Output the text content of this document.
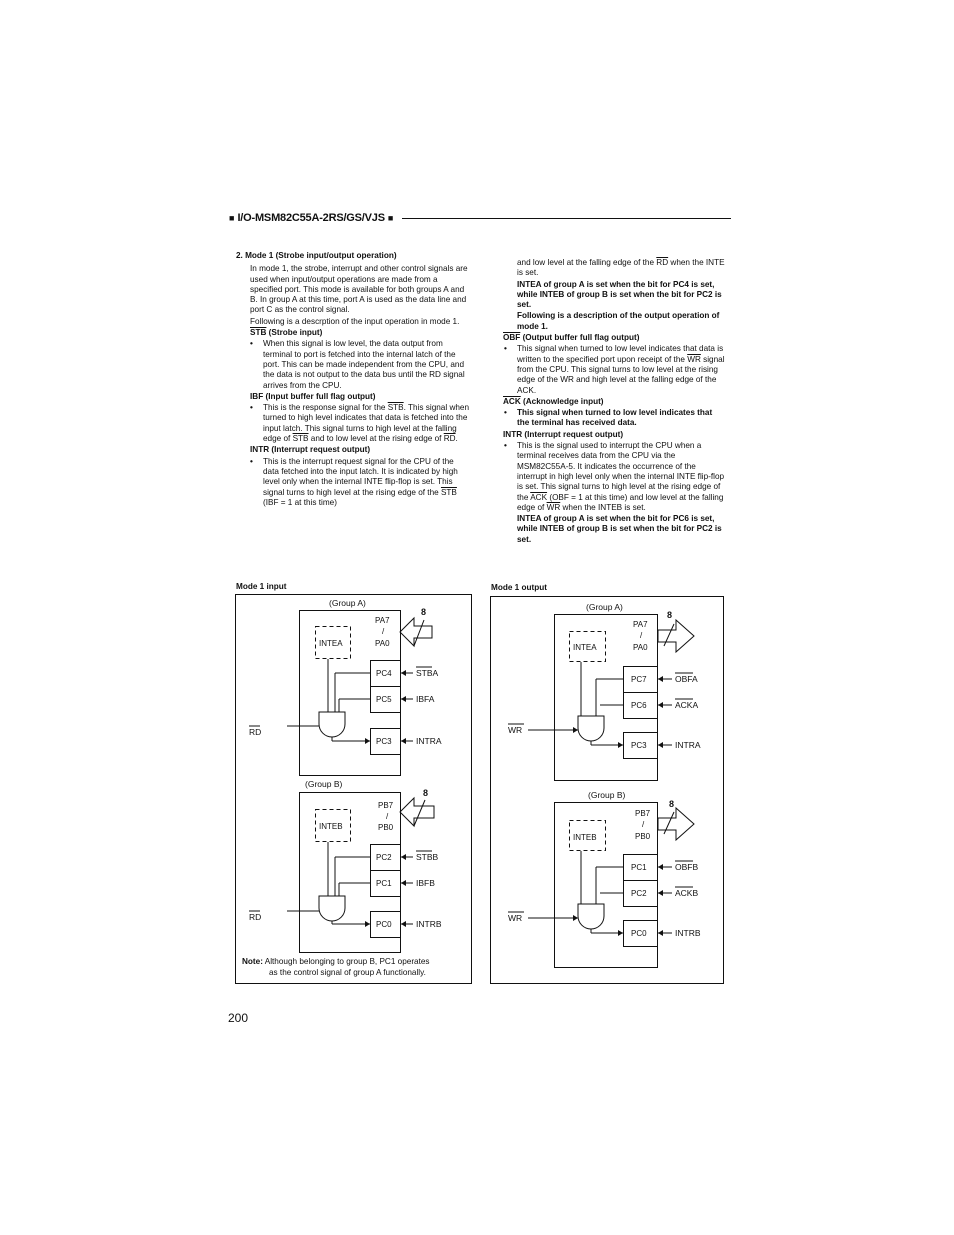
■ I/O-MSM82C55A-2RS/GS/VJS ■

2. Mode 1 (Strobe input/output operation)

In mode 1, the strobe, interrupt and other control signals are used when input/output operations are made from a specified port. This mode is available for both groups A and B. In group A at this time, port A is used as the data line and port C as the control signal.

Following is a descrption of the input operation in mode 1.

$\overline{STB}$ (Strobe input)

• When this signal is low level, the data output from terminal to port is fetched into the internal latch of the port. This can be made independent from the CPU, and the data is not output to the data bus until the RD signal arrives from the CPU.

IBF (Input buffer full flag output)

• This is the response signal for the $\overline{STB}$. This signal when turned to high level indicates that data is fetched into the input latch. This signal turns to high level at the falling edge of $\overline{STB}$ and to low level at the rising edge of $\overline{RD}$.

INTR (Interrupt request output)

• This is the interrupt request signal for the CPU of the data fetched into the input latch. It is indicated by high level only when the internal INTE flip-flop is set. This signal turns to high level at the rising edge of the $\overline{STB}$ (IBF = 1 at this time)

and low level at the falling edge of the $\overline{RD}$ when the INTE is set.

INTEA of group A is set when the bit for PC4 is set, while INTEB of group B is set when the bit for PC2 is set.

Following is a description of the output operation of mode 1.

$\overline{OBF}$ (Output buffer full flag output)

• This signal when turned to low level indicates that data is written to the specified port upon receipt of the $\overline{WR}$ signal from the CPU. This signal turns to low level at the rising edge of the WR and high level at the falling edge of the ACK.

$\overline{ACK}$ (Acknowledge input)

• This signal when turned to low level indicates that the terminal has received data.

INTR (Interrupt request output)

• This is the signal used to interrupt the CPU when a terminal receives data from the CPU via the MSM82C55A-5. It indicates the occurrence of the interrupt in high level only when the internal INTE flip-flop is set. This signal turns to high level at the rising edge of the $\overline{ACK}$ (OBF = 1 at this time) and low level at the falling edge of $\overline{WR}$ when the INTEB is set.

INTEA of group A is set when the bit for PC6 is set, while INTEB of group B is set when the bit for PC2 is set.

Mode 1 input	Mode 1 output
(Group A)
INTEA
PA7
/
PA0
8
PC4	STBA
PC5	IBFA
PC3	INTRA
RD
(Group B)
INTEB
PB7
/
PB0
8
PC2	STBB
PC1	IBFB
PC0	INTRB
RD
Note: Although belonging to group B, PC1 operates
as the control signal of group A functionally.
(Group A)
INTEA
PA7
/
PA0
8
PC7	OBFA
PC6	ACKA
PC3	INTRA
WR
(Group B)
INTEB
PB7
/
PB0
8
PC1	OBFB
PC2	ACKB
PC0	INTRB
WR
200
